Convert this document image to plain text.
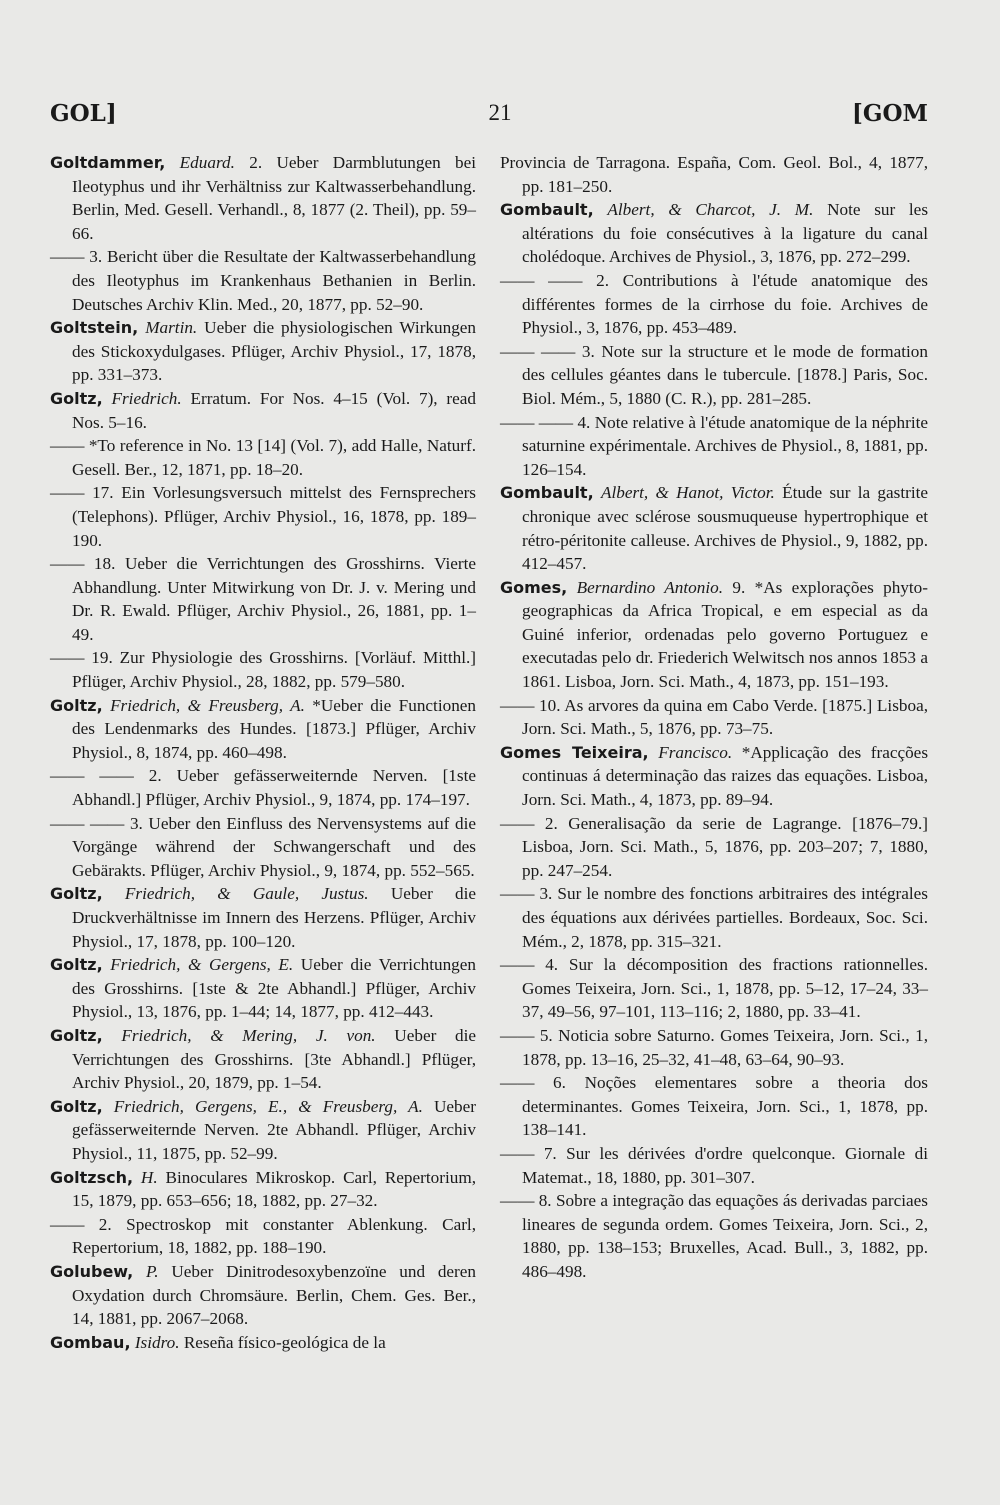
GOL]	21	[GOM

Goltdammer, Eduard. 2. Ueber Darmblutungen bei Ileotyphus und ihr Verhältniss zur Kaltwasserbehandlung. Berlin, Med. Gesell. Verhandl., 8, 1877 (2. Theil), pp. 59–66.

—— 3. Bericht über die Resultate der Kaltwasserbehandlung des Ileotyphus im Krankenhaus Bethanien in Berlin. Deutsches Archiv Klin. Med., 20, 1877, pp. 52–90.

Goltstein, Martin. Ueber die physiologischen Wirkungen des Stickoxydulgases. Pflüger, Archiv Physiol., 17, 1878, pp. 331–373.

Goltz, Friedrich. Erratum. For Nos. 4–15 (Vol. 7), read Nos. 5–16.

—— *To reference in No. 13 [14] (Vol. 7), add Halle, Naturf. Gesell. Ber., 12, 1871, pp. 18–20.

—— 17. Ein Vorlesungsversuch mittelst des Fernsprechers (Telephons). Pflüger, Archiv Physiol., 16, 1878, pp. 189–190.

—— 18. Ueber die Verrichtungen des Grosshirns. Vierte Abhandlung. Unter Mitwirkung von Dr. J. v. Mering und Dr. R. Ewald. Pflüger, Archiv Physiol., 26, 1881, pp. 1–49.

—— 19. Zur Physiologie des Grosshirns. [Vorläuf. Mitthl.] Pflüger, Archiv Physiol., 28, 1882, pp. 579–580.

Goltz, Friedrich, & Freusberg, A. *Ueber die Functionen des Lendenmarks des Hundes. [1873.] Pflüger, Archiv Physiol., 8, 1874, pp. 460–498.

—— —— 2. Ueber gefässerweiternde Nerven. [1ste Abhandl.] Pflüger, Archiv Physiol., 9, 1874, pp. 174–197.

—— —— 3. Ueber den Einfluss des Nervensystems auf die Vorgänge während der Schwangerschaft und des Gebärakts. Pflüger, Archiv Physiol., 9, 1874, pp. 552–565.

Goltz, Friedrich, & Gaule, Justus. Ueber die Druckverhältnisse im Innern des Herzens. Pflüger, Archiv Physiol., 17, 1878, pp. 100–120.

Goltz, Friedrich, & Gergens, E. Ueber die Verrichtungen des Grosshirns. [1ste & 2te Abhandl.] Pflüger, Archiv Physiol., 13, 1876, pp. 1–44; 14, 1877, pp. 412–443.

Goltz, Friedrich, & Mering, J. von. Ueber die Verrichtungen des Grosshirns. [3te Abhandl.] Pflüger, Archiv Physiol., 20, 1879, pp. 1–54.

Goltz, Friedrich, Gergens, E., & Freusberg, A. Ueber gefässerweiternde Nerven. 2te Abhandl. Pflüger, Archiv Physiol., 11, 1875, pp. 52–99.

Goltzsch, H. Binoculares Mikroskop. Carl, Repertorium, 15, 1879, pp. 653–656; 18, 1882, pp. 27–32.

—— 2. Spectroskop mit constanter Ablenkung. Carl, Repertorium, 18, 1882, pp. 188–190.

Golubew, P. Ueber Dinitrodesoxybenzoïne und deren Oxydation durch Chromsäure. Berlin, Chem. Ges. Ber., 14, 1881, pp. 2067–2068.

Gombau, Isidro. Reseña físico-geológica de la

Provincia de Tarragona. España, Com. Geol. Bol., 4, 1877, pp. 181–250.

Gombault, Albert, & Charcot, J. M. Note sur les altérations du foie consécutives à la ligature du canal cholédoque. Archives de Physiol., 3, 1876, pp. 272–299.

—— —— 2. Contributions à l'étude anatomique des différentes formes de la cirrhose du foie. Archives de Physiol., 3, 1876, pp. 453–489.

—— —— 3. Note sur la structure et le mode de formation des cellules géantes dans le tubercule. [1878.] Paris, Soc. Biol. Mém., 5, 1880 (C. R.), pp. 281–285.

—— —— 4. Note relative à l'étude anatomique de la néphrite saturnine expérimentale. Archives de Physiol., 8, 1881, pp. 126–154.

Gombault, Albert, & Hanot, Victor. Étude sur la gastrite chronique avec sclérose sousmuqueuse hypertrophique et rétro-péritonite calleuse. Archives de Physiol., 9, 1882, pp. 412–457.

Gomes, Bernardino Antonio. 9. *As explorações phyto-geographicas da Africa Tropical, e em especial as da Guiné inferior, ordenadas pelo governo Portuguez e executadas pelo dr. Friederich Welwitsch nos annos 1853 a 1861. Lisboa, Jorn. Sci. Math., 4, 1873, pp. 151–193.

—— 10. As arvores da quina em Cabo Verde. [1875.] Lisboa, Jorn. Sci. Math., 5, 1876, pp. 73–75.

Gomes Teixeira, Francisco. *Applicação des fracções continuas á determinação das raizes das equações. Lisboa, Jorn. Sci. Math., 4, 1873, pp. 89–94.

—— 2. Generalisação da serie de Lagrange. [1876–79.] Lisboa, Jorn. Sci. Math., 5, 1876, pp. 203–207; 7, 1880, pp. 247–254.

—— 3. Sur le nombre des fonctions arbitraires des intégrales des équations aux dérivées partielles. Bordeaux, Soc. Sci. Mém., 2, 1878, pp. 315–321.

—— 4. Sur la décomposition des fractions rationnelles. Gomes Teixeira, Jorn. Sci., 1, 1878, pp. 5–12, 17–24, 33–37, 49–56, 97–101, 113–116; 2, 1880, pp. 33–41.

—— 5. Noticia sobre Saturno. Gomes Teixeira, Jorn. Sci., 1, 1878, pp. 13–16, 25–32, 41–48, 63–64, 90–93.

—— 6. Noções elementares sobre a theoria dos determinantes. Gomes Teixeira, Jorn. Sci., 1, 1878, pp. 138–141.

—— 7. Sur les dérivées d'ordre quelconque. Giornale di Matemat., 18, 1880, pp. 301–307.

—— 8. Sobre a integração das equações ás derivadas parciaes lineares de segunda ordem. Gomes Teixeira, Jorn. Sci., 2, 1880, pp. 138–153; Bruxelles, Acad. Bull., 3, 1882, pp. 486–498.
